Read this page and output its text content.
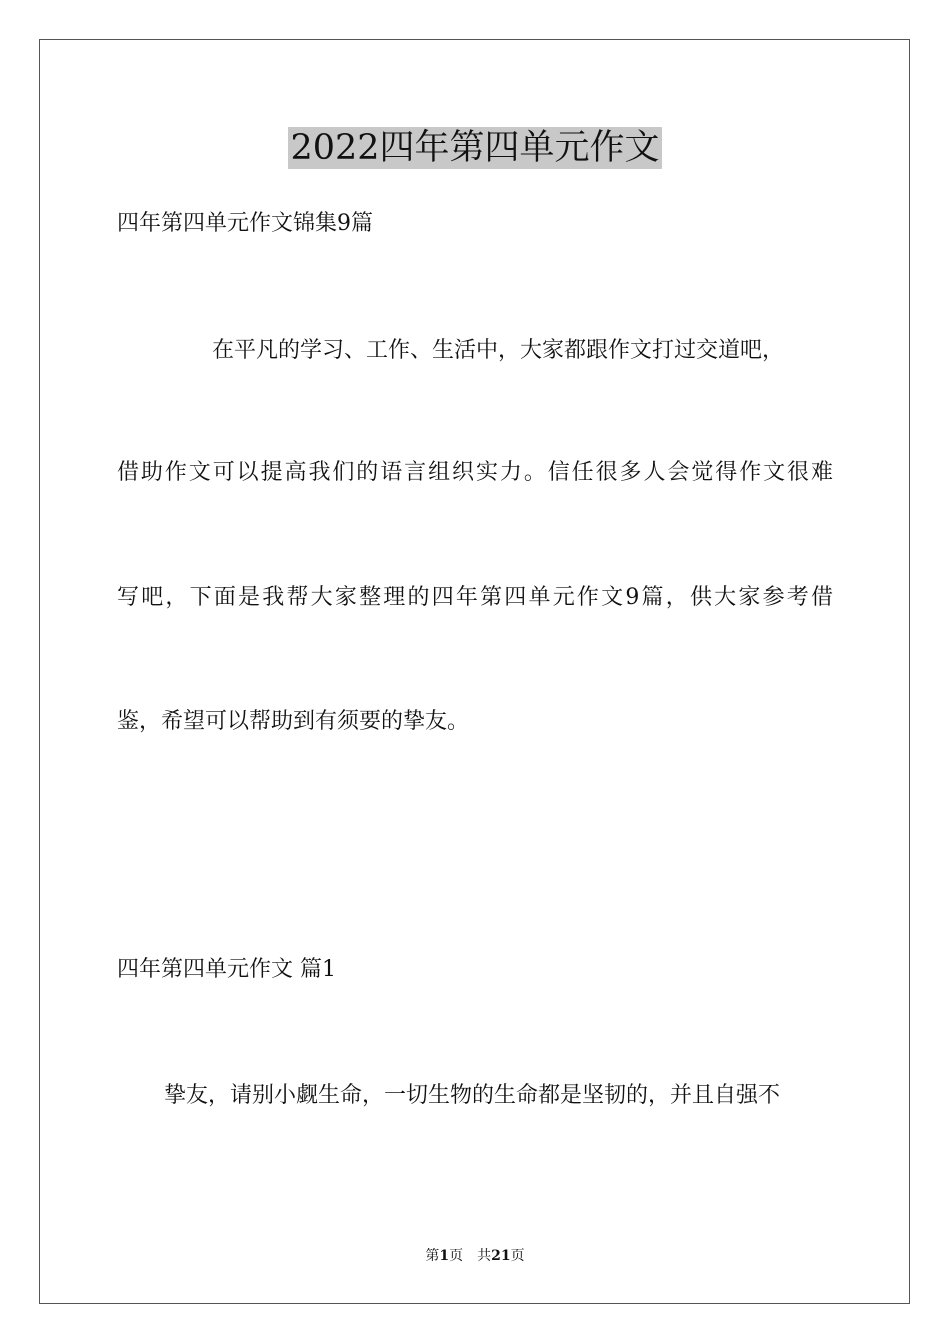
2022四年第四单元作文
四年第四单元作文锦集9篇
在平凡的学习、工作、生活中，大家都跟作文打过交道吧，
借助作文可以提高我们的语言组织实力。信任很多人会觉得作文很难
写吧，下面是我帮大家整理的四年第四单元作文9篇，供大家参考借
鉴，希望可以帮助到有须要的挚友。
四年第四单元作文 篇1
挚友，请别小觑生命，一切生物的生命都是坚韧的，并且自强不
第1页 共21页
